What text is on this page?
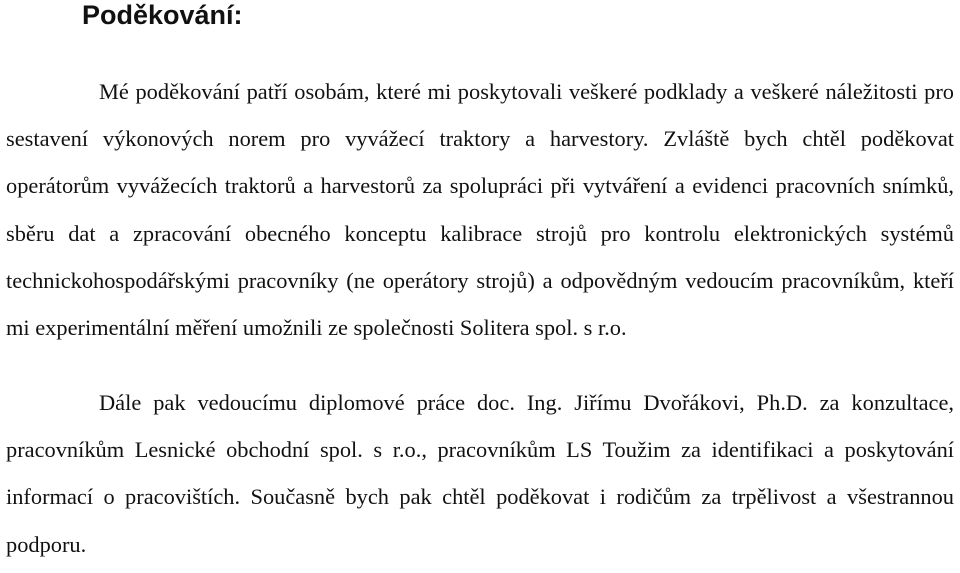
Poděkování:

Mé poděkování patří osobám, které mi poskytovali veškeré podklady a veškeré náležitosti pro sestavení výkonových norem pro vyvážecí traktory a harvestory. Zvláště bych chtěl poděkovat operátorům vyvážecích traktorů a harvestorů za spolupráci při vytváření a evidenci pracovních snímků, sběru dat a zpracování obecného konceptu kalibrace strojů pro kontrolu elektronických systémů technickohospodářskými pracovníky (ne operátory strojů) a odpovědným vedoucím pracovníkům, kteří mi experimentální měření umožnili ze společnosti Solitera spol. s r.o.

Dále pak vedoucímu diplomové práce doc. Ing. Jiřímu Dvořákovi, Ph.D. za konzultace, pracovníkům Lesnické obchodní spol. s r.o., pracovníkům LS Toužim za identifikaci a poskytování informací o pracovištích. Současně bych pak chtěl poděkovat i rodičům za trpělivost a všestrannou podporu.
